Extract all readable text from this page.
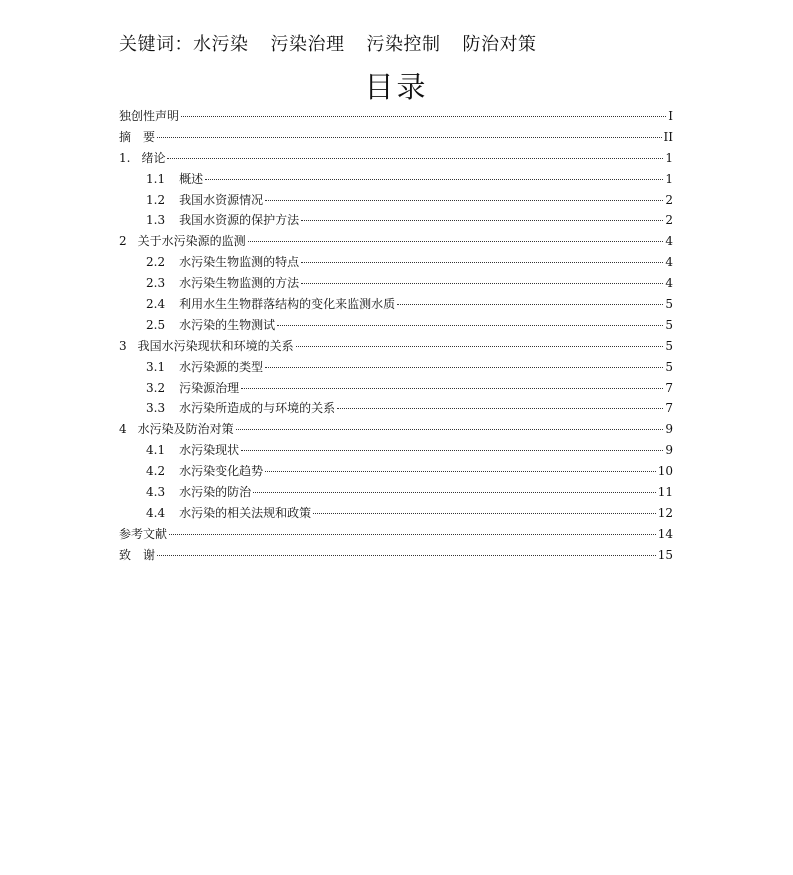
关键词：水污染 污染治理 污染控制 防治对策
目录
独创性声明	I
摘　要	II
1. 绪论	1
1.1 概述	1
1.2 我国水资源情况	2
1.3 我国水资源的保护方法	2
2 关于水污染源的监测	4
2.2 水污染生物监测的特点	4
2.3 水污染生物监测的方法	4
2.4 利用水生生物群落结构的变化来监测水质	5
2.5 水污染的生物测试	5
3 我国水污染现状和环境的关系	5
3.1 水污染源的类型	5
3.2 污染源治理	7
3.3 水污染所造成的与环境的关系	7
4 水污染及防治对策	9
4.1 水污染现状	9
4.2 水污染变化趋势	10
4.3 水污染的防治	11
4.4 水污染的相关法规和政策	12
参考文献	14
致　谢	15
